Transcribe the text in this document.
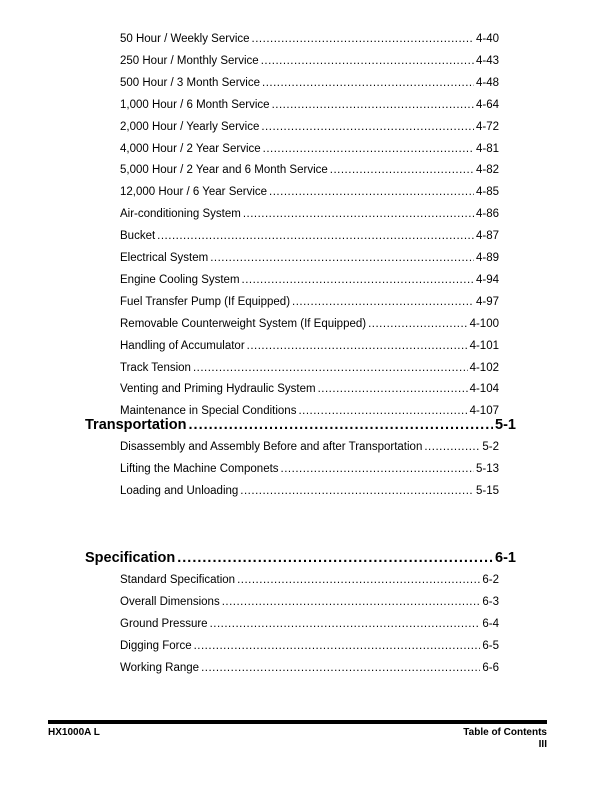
50 Hour / Weekly Service .....	4-40
250 Hour / Monthly Service .....	4-43
500 Hour / 3 Month Service .....	4-48
1,000 Hour / 6 Month Service .....	4-64
2,000 Hour / Yearly Service .....	4-72
4,000 Hour / 2 Year Service .....	4-81
5,000 Hour / 2 Year and 6 Month Service .....	4-82
12,000 Hour / 6 Year Service .....	4-85
Air-conditioning System .....	4-86
Bucket .....	4-87
Electrical System .....	4-89
Engine Cooling System .....	4-94
Fuel Transfer Pump (If Equipped) .....	4-97
Removable Counterweight System (If Equipped) .....	4-100
Handling of Accumulator .....	4-101
Track Tension .....	4-102
Venting and Priming Hydraulic System .....	4-104
Maintenance in Special Conditions .....	4-107
Transportation .....	5-1
Disassembly and Assembly Before and after Transportation .....	5-2
Lifting the Machine Componets .....	5-13
Loading and Unloading .....	5-15
Specification .....	6-1
Standard Specification .....	6-2
Overall Dimensions .....	6-3
Ground Pressure .....	6-4
Digging Force .....	6-5
Working Range .....	6-6
HX1000A L	Table of Contents
III
